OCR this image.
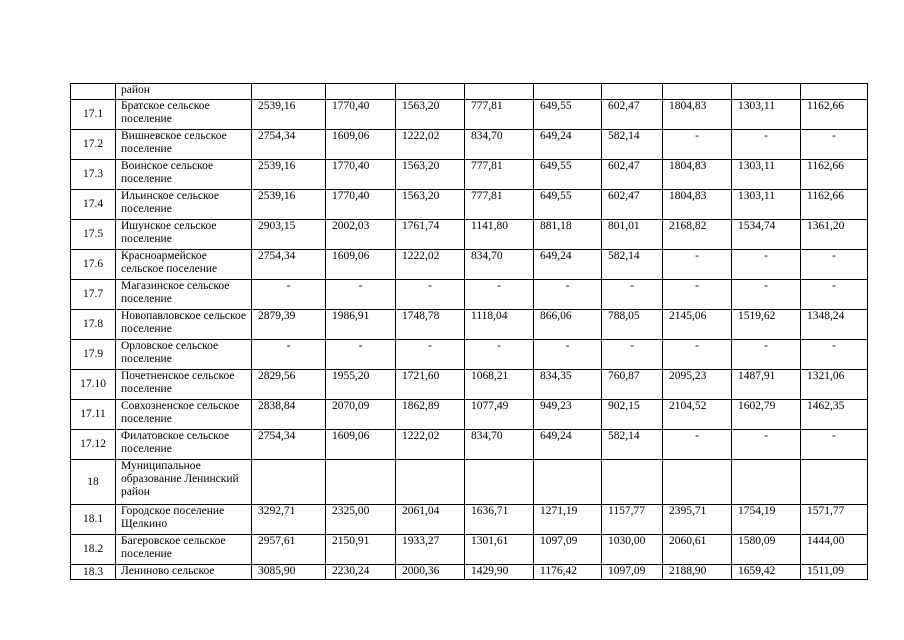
	район									
17.1	Братское сельское поселение	2539,16	1770,40	1563,20	777,81	649,55	602,47	1804,83	1303,11	1162,66
17.2	Вишневское сельское поселение	2754,34	1609,06	1222,02	834,70	649,24	582,14	-	-	-
17.3	Воинское сельское поселение	2539,16	1770,40	1563,20	777,81	649,55	602,47	1804,83	1303,11	1162,66
17.4	Ильинское сельское поселение	2539,16	1770,40	1563,20	777,81	649,55	602,47	1804,83	1303,11	1162,66
17.5	Ишунское сельское поселение	2903,15	2002,03	1761,74	1141,80	881,18	801,01	2168,82	1534,74	1361,20
17.6	Красноармейское сельское поселение	2754,34	1609,06	1222,02	834,70	649,24	582,14	-	-	-
17.7	Магазинское сельское поселение	-	-	-	-	-	-	-	-	-
17.8	Новопавловское сельское поселение	2879,39	1986,91	1748,78	1118,04	866,06	788,05	2145,06	1519,62	1348,24
17.9	Орловское сельское поселение	-	-	-	-	-	-	-	-	-
17.10	Почетненское сельское поселение	2829,56	1955,20	1721,60	1068,21	834,35	760,87	2095,23	1487,91	1321,06
17.11	Совхозненское сельское поселение	2838,84	2070,09	1862,89	1077,49	949,23	902,15	2104,52	1602,79	1462,35
17.12	Филатовское сельское поселение	2754,34	1609,06	1222,02	834,70	649,24	582,14	-	-	-
18	Муниципальное образование Ленинский район									
18.1	Городское поселение Щелкино	3292,71	2325,00	2061,04	1636,71	1271,19	1157,77	2395,71	1754,19	1571,77
18.2	Багеровское сельское поселение	2957,61	2150,91	1933,27	1301,61	1097,09	1030,00	2060,61	1580,09	1444,00
18.3	Лениново сельское	3085,90	2230,24	2000,36	1429,90	1176,42	1097,09	2188,90	1659,42	1511,09
